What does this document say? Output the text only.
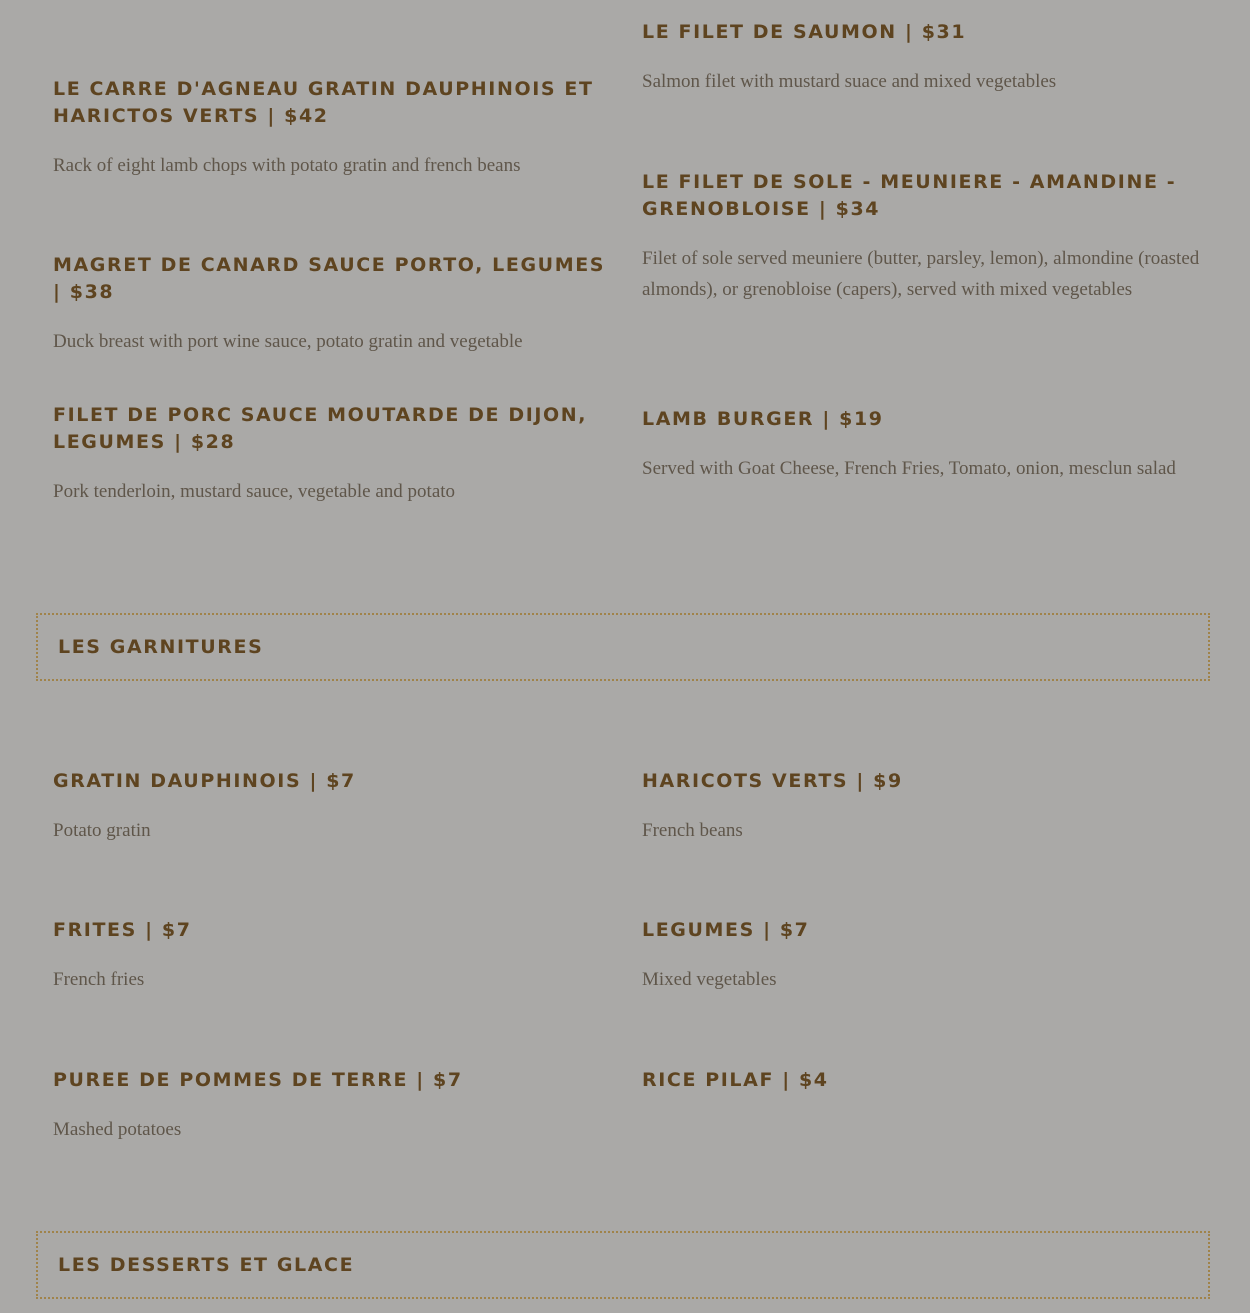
LE CARRE D'AGNEAU GRATIN DAUPHINOIS ET HARICTOS VERTS | $42

Rack of eight lamb chops with potato gratin and french beans

MAGRET DE CANARD SAUCE PORTO, LEGUMES | $38

Duck breast with port wine sauce, potato gratin and vegetable

FILET DE PORC SAUCE MOUTARDE DE DIJON, LEGUMES | $28

Pork tenderloin, mustard sauce, vegetable and potato

LE FILET DE SAUMON | $31

Salmon filet with mustard suace and mixed vegetables

LE FILET DE SOLE - MEUNIERE - AMANDINE - GRENOBLOISE | $34

Filet of sole served meuniere (butter, parsley, lemon), almondine (roasted almonds), or grenobloise (capers), served with mixed vegetables

LAMB BURGER | $19

Served with Goat Cheese, French Fries, Tomato, onion, mesclun salad

LES GARNITURES
GRATIN DAUPHINOIS | $7

Potato gratin

FRITES | $7

French fries

PUREE DE POMMES DE TERRE | $7

Mashed potatoes

HARICOTS VERTS | $9

French beans

LEGUMES | $7

Mixed vegetables

RICE PILAF | $4
LES DESSERTS ET GLACE
